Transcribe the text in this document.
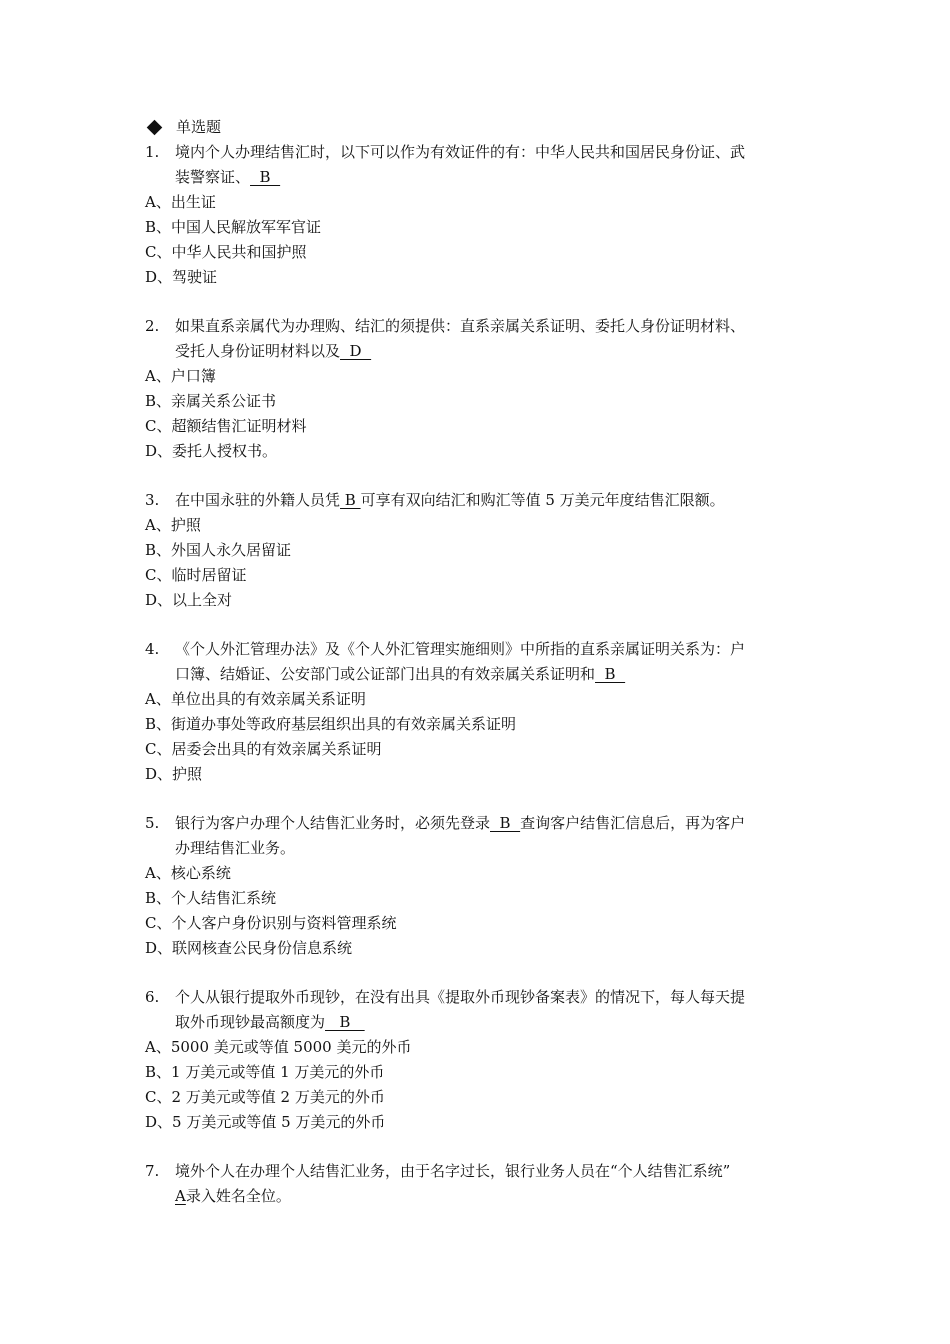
单选题
1.	境内个人办理结售汇时，以下可以作为有效证件的有：中华人民共和国居民身份证、武
装警察证、  B
A、出生证
B、中国人民解放军军官证
C、中华人民共和国护照
D、驾驶证
2.	如果直系亲属代为办理购、结汇的须提供：直系亲属关系证明、委托人身份证明材料、
受托人身份证明材料以及  D
A、户口簿
B、亲属关系公证书
C、超额结售汇证明材料
D、委托人授权书。
3.	在中国永驻的外籍人员凭 B 可享有双向结汇和购汇等值 5 万美元年度结售汇限额。
A、护照
B、外国人永久居留证
C、临时居留证
D、以上全对
4.	《个人外汇管理办法》及《个人外汇管理实施细则》中所指的直系亲属证明关系为：户
口簿、结婚证、公安部门或公证部门出具的有效亲属关系证明和  B
A、单位出具的有效亲属关系证明
B、街道办事处等政府基层组织出具的有效亲属关系证明
C、居委会出具的有效亲属关系证明
D、护照
5.	银行为客户办理个人结售汇业务时，必须先登录  B  查询客户结售汇信息后，再为客户
办理结售汇业务。
A、核心系统
B、个人结售汇系统
C、个人客户身份识别与资料管理系统
D、联网核查公民身份信息系统
6.	个人从银行提取外币现钞，在没有出具《提取外币现钞备案表》的情况下，每人每天提
取外币现钞最高额度为   B
A、5000 美元或等值 5000 美元的外币
B、1 万美元或等值 1 万美元的外币
C、2 万美元或等值 2 万美元的外币
D、5 万美元或等值 5 万美元的外币
7.	境外个人在办理个人结售汇业务，由于名字过长，银行业务人员在“个人结售汇系统”
A录入姓名全位。
